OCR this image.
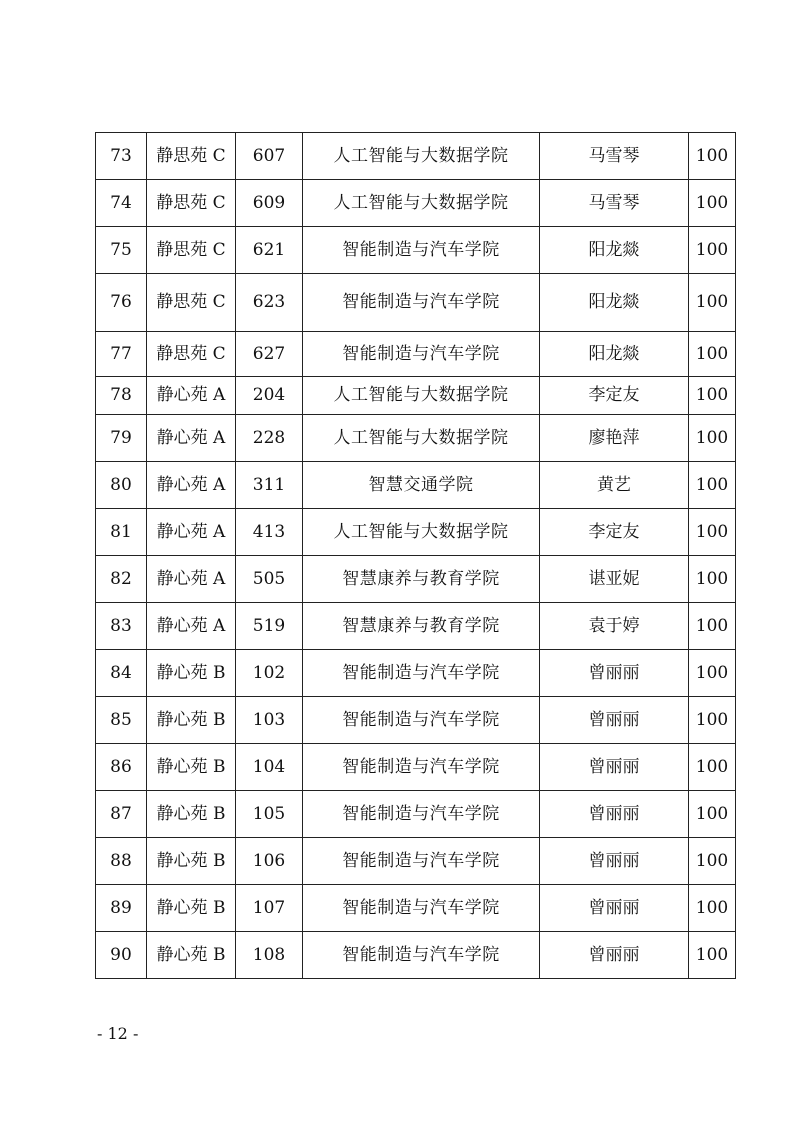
73	静思苑 C	607	人工智能与大数据学院	马雪琴	100
74	静思苑 C	609	人工智能与大数据学院	马雪琴	100
75	静思苑 C	621	智能制造与汽车学院	阳龙燚	100
76	静思苑 C	623	智能制造与汽车学院	阳龙燚	100
77	静思苑 C	627	智能制造与汽车学院	阳龙燚	100
78	静心苑 A	204	人工智能与大数据学院	李定友	100
79	静心苑 A	228	人工智能与大数据学院	廖艳萍	100
80	静心苑 A	311	智慧交通学院	黄艺	100
81	静心苑 A	413	人工智能与大数据学院	李定友	100
82	静心苑 A	505	智慧康养与教育学院	谌亚妮	100
83	静心苑 A	519	智慧康养与教育学院	袁于婷	100
84	静心苑 B	102	智能制造与汽车学院	曾丽丽	100
85	静心苑 B	103	智能制造与汽车学院	曾丽丽	100
86	静心苑 B	104	智能制造与汽车学院	曾丽丽	100
87	静心苑 B	105	智能制造与汽车学院	曾丽丽	100
88	静心苑 B	106	智能制造与汽车学院	曾丽丽	100
89	静心苑 B	107	智能制造与汽车学院	曾丽丽	100
90	静心苑 B	108	智能制造与汽车学院	曾丽丽	100
- 12 -
